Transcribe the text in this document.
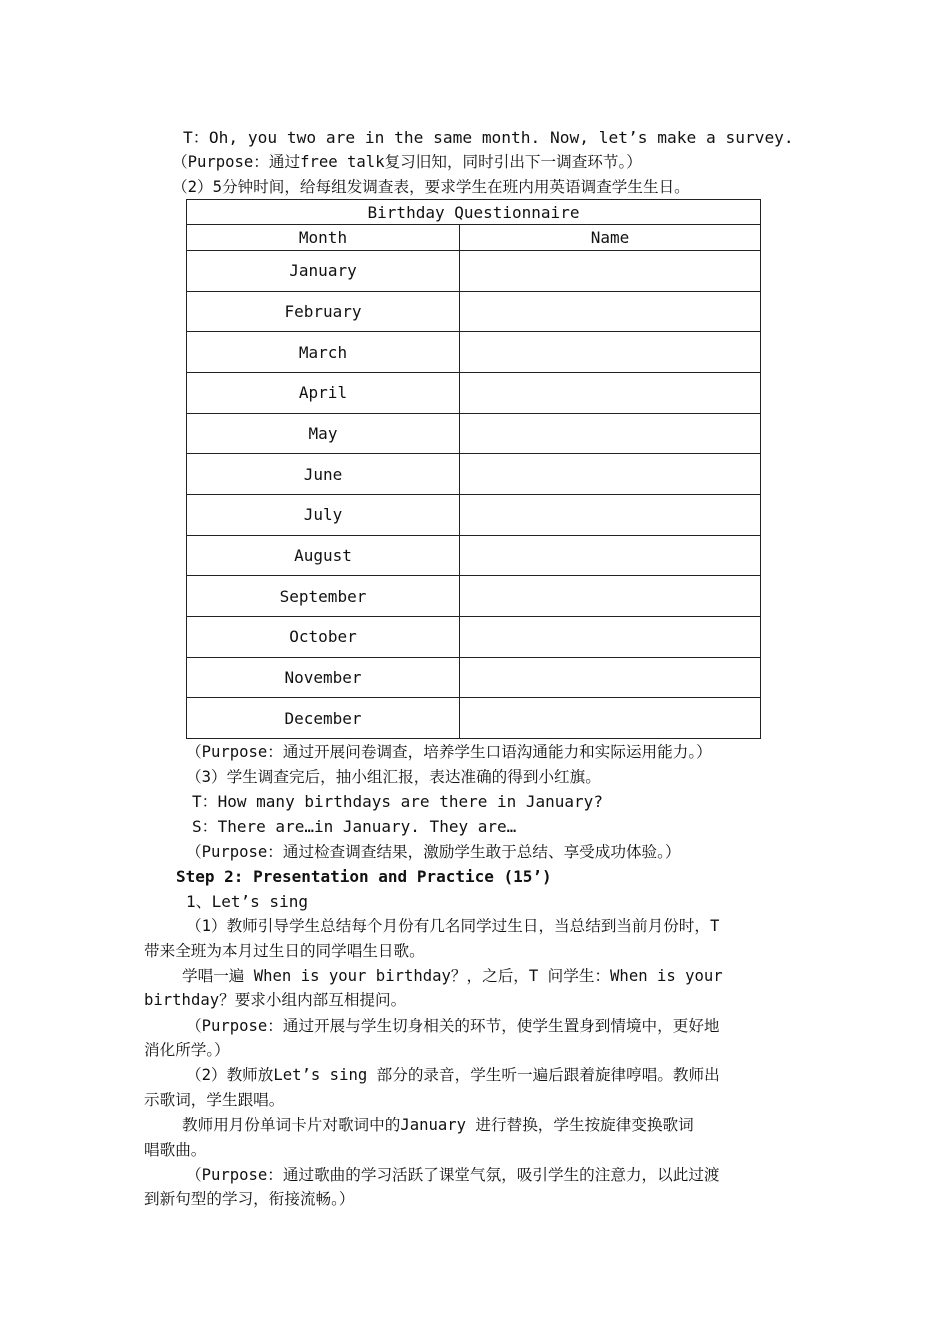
T：Oh, you two are in the same month. Now, let’s make a survey.
（Purpose：通过free talk复习旧知，同时引出下一调查环节。）
（2）5分钟时间，给每组发调查表，要求学生在班内用英语调查学生生日。
Birthday Questionnaire	
Month	Name
January	
February	
March	
April	
May	
June	
July	
August	
September	
October	
November	
December	
（Purpose：通过开展问卷调查，培养学生口语沟通能力和实际运用能力。）
（3）学生调查完后，抽小组汇报，表达准确的得到小红旗。
T：How many birthdays are there in January?
S：There are…in January. They are…
（Purpose：通过检查调查结果，激励学生敢于总结、享受成功体验。）
Step 2: Presentation and Practice (15’)
1、Let’s sing
（1）教师引导学生总结每个月份有几名同学过生日，当总结到当前月份时，T
带来全班为本月过生日的同学唱生日歌。
学唱一遍 When is your birthday？，之后，T 问学生：When is your
birthday？要求小组内部互相提问。
（Purpose：通过开展与学生切身相关的环节，使学生置身到情境中，更好地
消化所学。）
（2）教师放Let’s sing 部分的录音，学生听一遍后跟着旋律哼唱。教师出
示歌词，学生跟唱。
教师用月份单词卡片对歌词中的January 进行替换，学生按旋律变换歌词
唱歌曲。
（Purpose：通过歌曲的学习活跃了课堂气氛，吸引学生的注意力，以此过渡
到新句型的学习，衔接流畅。）
